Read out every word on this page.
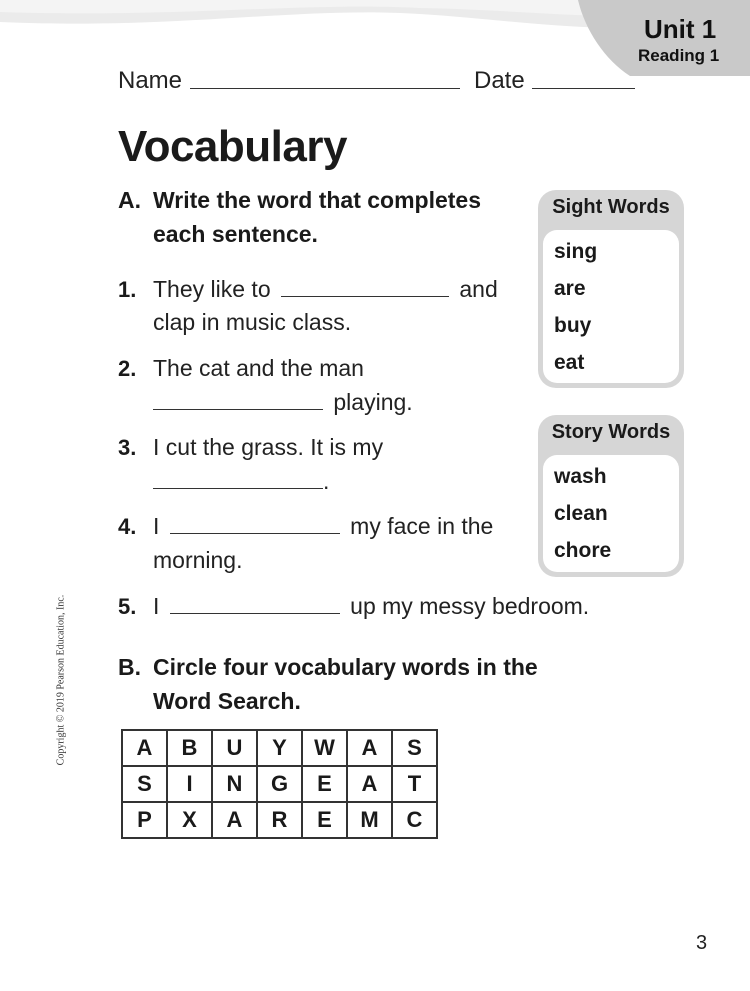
Unit 1
Reading 1
Name	Date
Vocabulary
A. Write the word that completes
each sentence.
1. They like to	and
clap in music class.
2. The cat and the man
playing.
3. I cut the grass. It is my
.
4. I	my face in the
morning.
5. I	up my messy bedroom.
Sight Words
sing
are
buy
eat
Story Words
wash
clean
chore
B. Circle four vocabulary words in the
Word Search.
A	B	U	Y	W	A	S
S	I	N	G	E	A	T
P	X	A	R	E	M	C
Copyright © 2019 Pearson Education, Inc.
3
